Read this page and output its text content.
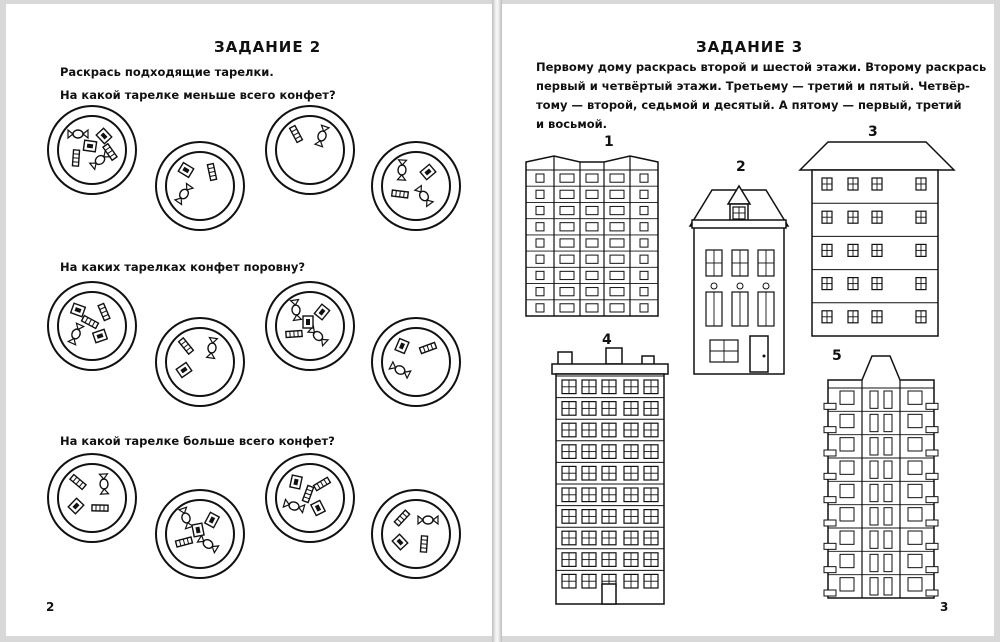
ЗАДАНИЕ 2
Раскрась подходящие тарелки.
На какой тарелке меньше всего конфет?
На каких тарелках конфет поровну?
На какой тарелке больше всего конфет?
2
ЗАДАНИЕ 3
Первому дому раскрась второй и шестой этажи. Второму раскрась
первый и четвёртый этажи. Третьему — третий и пятый. Четвёр-
тому — второй, седьмой и десятый. А пятому — первый, третий
и восьмой.
1
2
3
4
5
3
